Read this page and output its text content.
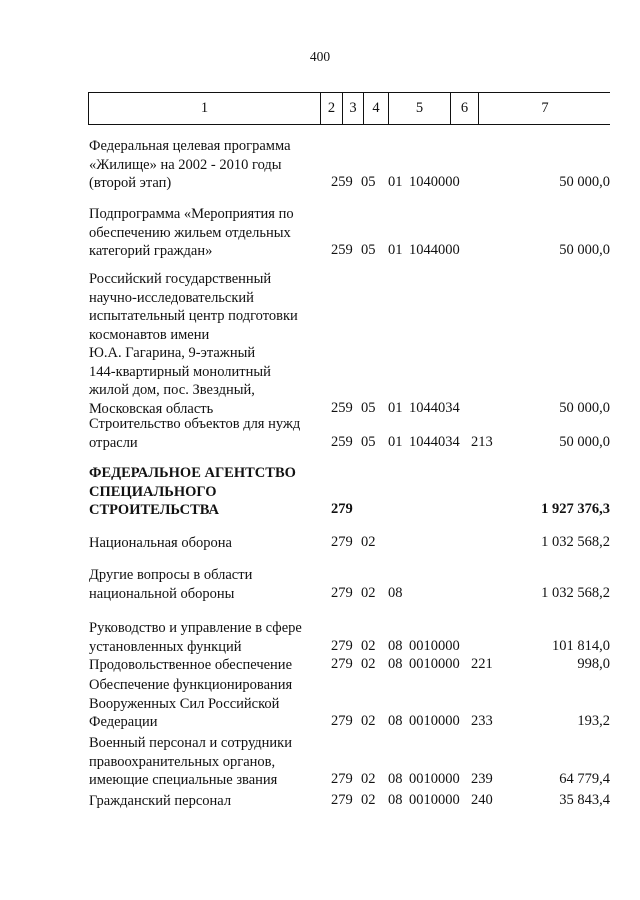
400
1	2 3	4	5	6	7
Федеральная целевая программа
«Жилище» на 2002 - 2010 годы
(второй этап)	259 05 01 1040000	50 000,0
Подпрограмма «Мероприятия по
обеспечению жильем отдельных
категорий граждан»	259 05 01 1044000	50 000,0
Российский государственный
научно-исследовательский
испытательный центр подготовки
космонавтов имени
Ю.А. Гагарина, 9-этажный
144-квартирный монолитный
жилой дом, пос. Звездный,
Московская область	259 05 01 1044034	50 000,0
Строительство объектов для нужд
отрасли	259 05 01 1044034 213	50 000,0
ФЕДЕРАЛЬНОЕ АГЕНТСТВО
СПЕЦИАЛЬНОГО
СТРОИТЕЛЬСТВА	279	1 927 376,3
Национальная оборона	279 02	1 032 568,2
Другие вопросы в области
национальной обороны	279 02 08	1 032 568,2
Руководство и управление в сфере
установленных функций	279 02 08 0010000	101 814,0
Продовольственное обеспечение	279 02 08 0010000 221	998,0
Обеспечение функционирования
Вооруженных Сил Российской
Федерации	279 02 08 0010000 233	193,2
Военный персонал и сотрудники
правоохранительных органов,
имеющие специальные звания	279 02 08 0010000 239	64 779,4
Гражданский персонал	279 02 08 0010000 240	35 843,4
